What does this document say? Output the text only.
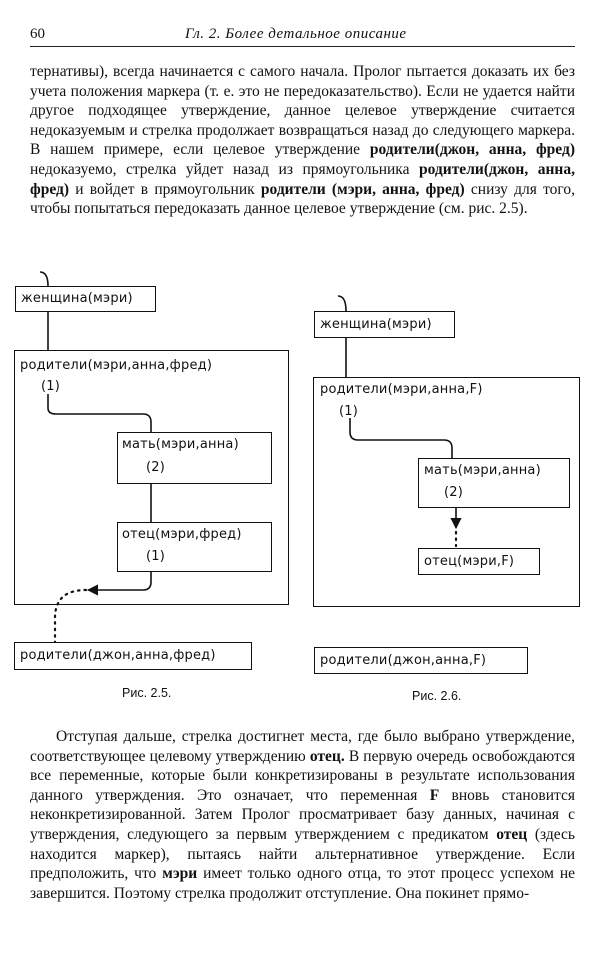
60	Гл. 2. Более детальное описание

тернативы), всегда начинается с самого начала. Пролог пытается доказать их без учета положения маркера (т. е. это не передоказательство). Если не удается найти другое подходящее утверждение, данное целевое утверждение считается недоказуемым и стрелка продолжает возвращаться назад до следующего маркера. В нашем примере, если целевое утверждение родители(джон, анна, фред) недоказуемо, стрелка уйдет назад из прямоугольника родители(джон, анна, фред) и войдет в прямоугольник родители (мэри, анна, фред) снизу для того, чтобы попытаться передоказать данное целевое утверждение (см. рис. 2.5).

женщина(мэри)
родители(мэри,анна,фред)
(1)
мать(мэри,анна)
(2)
отец(мэри,фред)
(1)
родители(джон,анна,фред)
Рис. 2.5.
женщина(мэри)
родители(мэри,анна,F)
(1)
мать(мэри,анна)
(2)
отец(мэри,F)
родители(джон,анна,F)
Рис. 2.6.

Отступая дальше, стрелка достигнет места, где было выбрано утверждение, соответствующее целевому утверждению отец. В первую очередь освобождаются все переменные, которые были конкретизированы в результате использования данного утверждения. Это означает, что переменная F вновь становится неконкретизированной. Затем Пролог просматривает базу данных, начиная с утверждения, следующего за первым утверждением с предикатом отец (здесь находится маркер), пытаясь найти альтернативное утверждение. Если предположить, что мэри имеет только одного отца, то этот процесс успехом не завершится. Поэтому стрелка продолжит отступление. Она покинет прямо-
